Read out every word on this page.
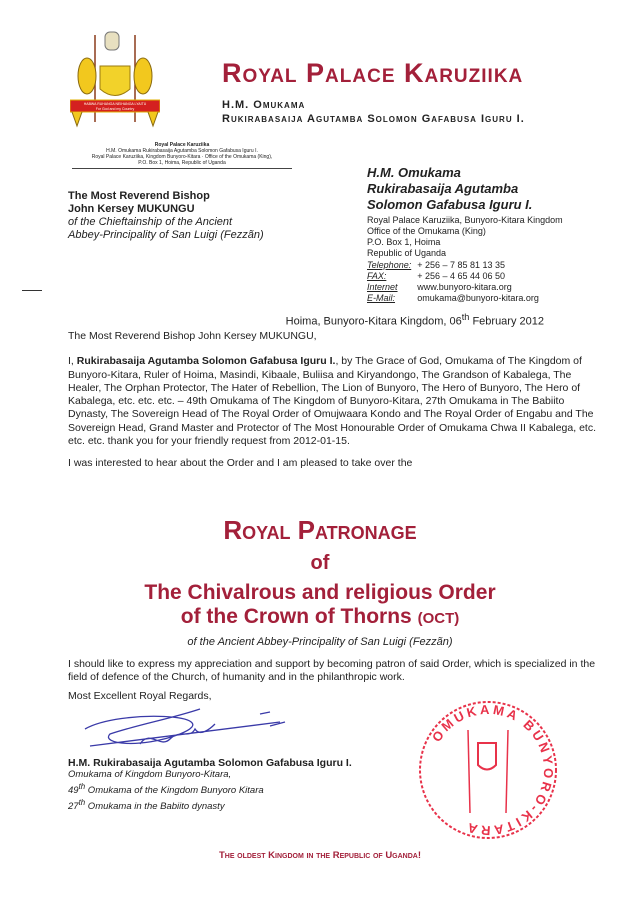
HABWA RUHANGA NEIHANGA LYAITU
For God and my Country
Royal Palace Karuziika
H.M. Omukama
Rukirabasaija Agutamba Solomon Gafabusa Iguru I.
Royal Palace Karuziika
H.M. Omukama Rukirabasaija Agutamba Solomon Gafabusa Iguru I.
Royal Palace Karuziika, Kingdom Bunyoro-Kitara · Office of the Omukama (King),
P.O. Box 1, Hoima, Republic of Uganda
The Most Reverend Bishop
John Kersey MUKUNGU
of the Chieftainship of the Ancient
Abbey-Principality of San Luigi (Fezzãn)
H.M. Omukama
Rukirabasaija Agutamba
Solomon Gafabusa Iguru I.
Royal Palace Karuziika, Bunyoro-Kitara Kingdom
Office of the Omukama (King)
P.O. Box 1, Hoima
Republic of Uganda
Telephone:	+ 256 – 7 85 81 13 35
FAX:	+ 256 – 4 65 44 06 50
Internet	www.bunyoro-kitara.org
E-Mail:	omukama@bunyoro-kitara.org
Hoima, Bunyoro-Kitara Kingdom, 06th February 2012

The Most Reverend Bishop John Kersey MUKUNGU,

I, Rukirabasaija Agutamba Solomon Gafabusa Iguru I., by The Grace of God, Omukama of The Kingdom of Bunyoro-Kitara, Ruler of Hoima, Masindi, Kibaale, Buliisa and Kiryandongo, The Grandson of Kabalega, The Healer, The Orphan Protector, The Hater of Rebellion, The Lion of Bunyoro, The Hero of Bunyoro, The Hero of Kabalega, etc. etc. etc. – 49th Omukama of The Kingdom of Bunyoro-Kitara, 27th Omukama in The Babiito Dynasty, The Sovereign Head of The Royal Order of Omujwaara Kondo and The Royal Order of Engabu and The Sovereign Head, Grand Master and Protector of The Most Honourable Order of Omukama Chwa II Kabalega, etc. etc. etc. thank you for your friendly request from 2012-01-15.

I was interested to hear about the Order and I am pleased to take over the

Royal Patronage
of
The Chivalrous and religious Order
of the Crown of Thorns (OCT)
of the Ancient Abbey-Principality of San Luigi (Fezzãn)

I should like to express my appreciation and support by becoming patron of said Order, which is specialized in the field of defence of the Church, of humanity and in the philanthropic work.

Most Excellent Royal Regards,

H.M. Rukirabasaija Agutamba Solomon Gafabusa Iguru I.
Omukama of Kingdom Bunyoro-Kitara,
49th Omukama of the Kingdom Bunyoro Kitara
27th Omukama in the Babiito dynasty
OMUKAMA BUNYORO-KITARA
The oldest Kingdom in the Republic of Uganda!
